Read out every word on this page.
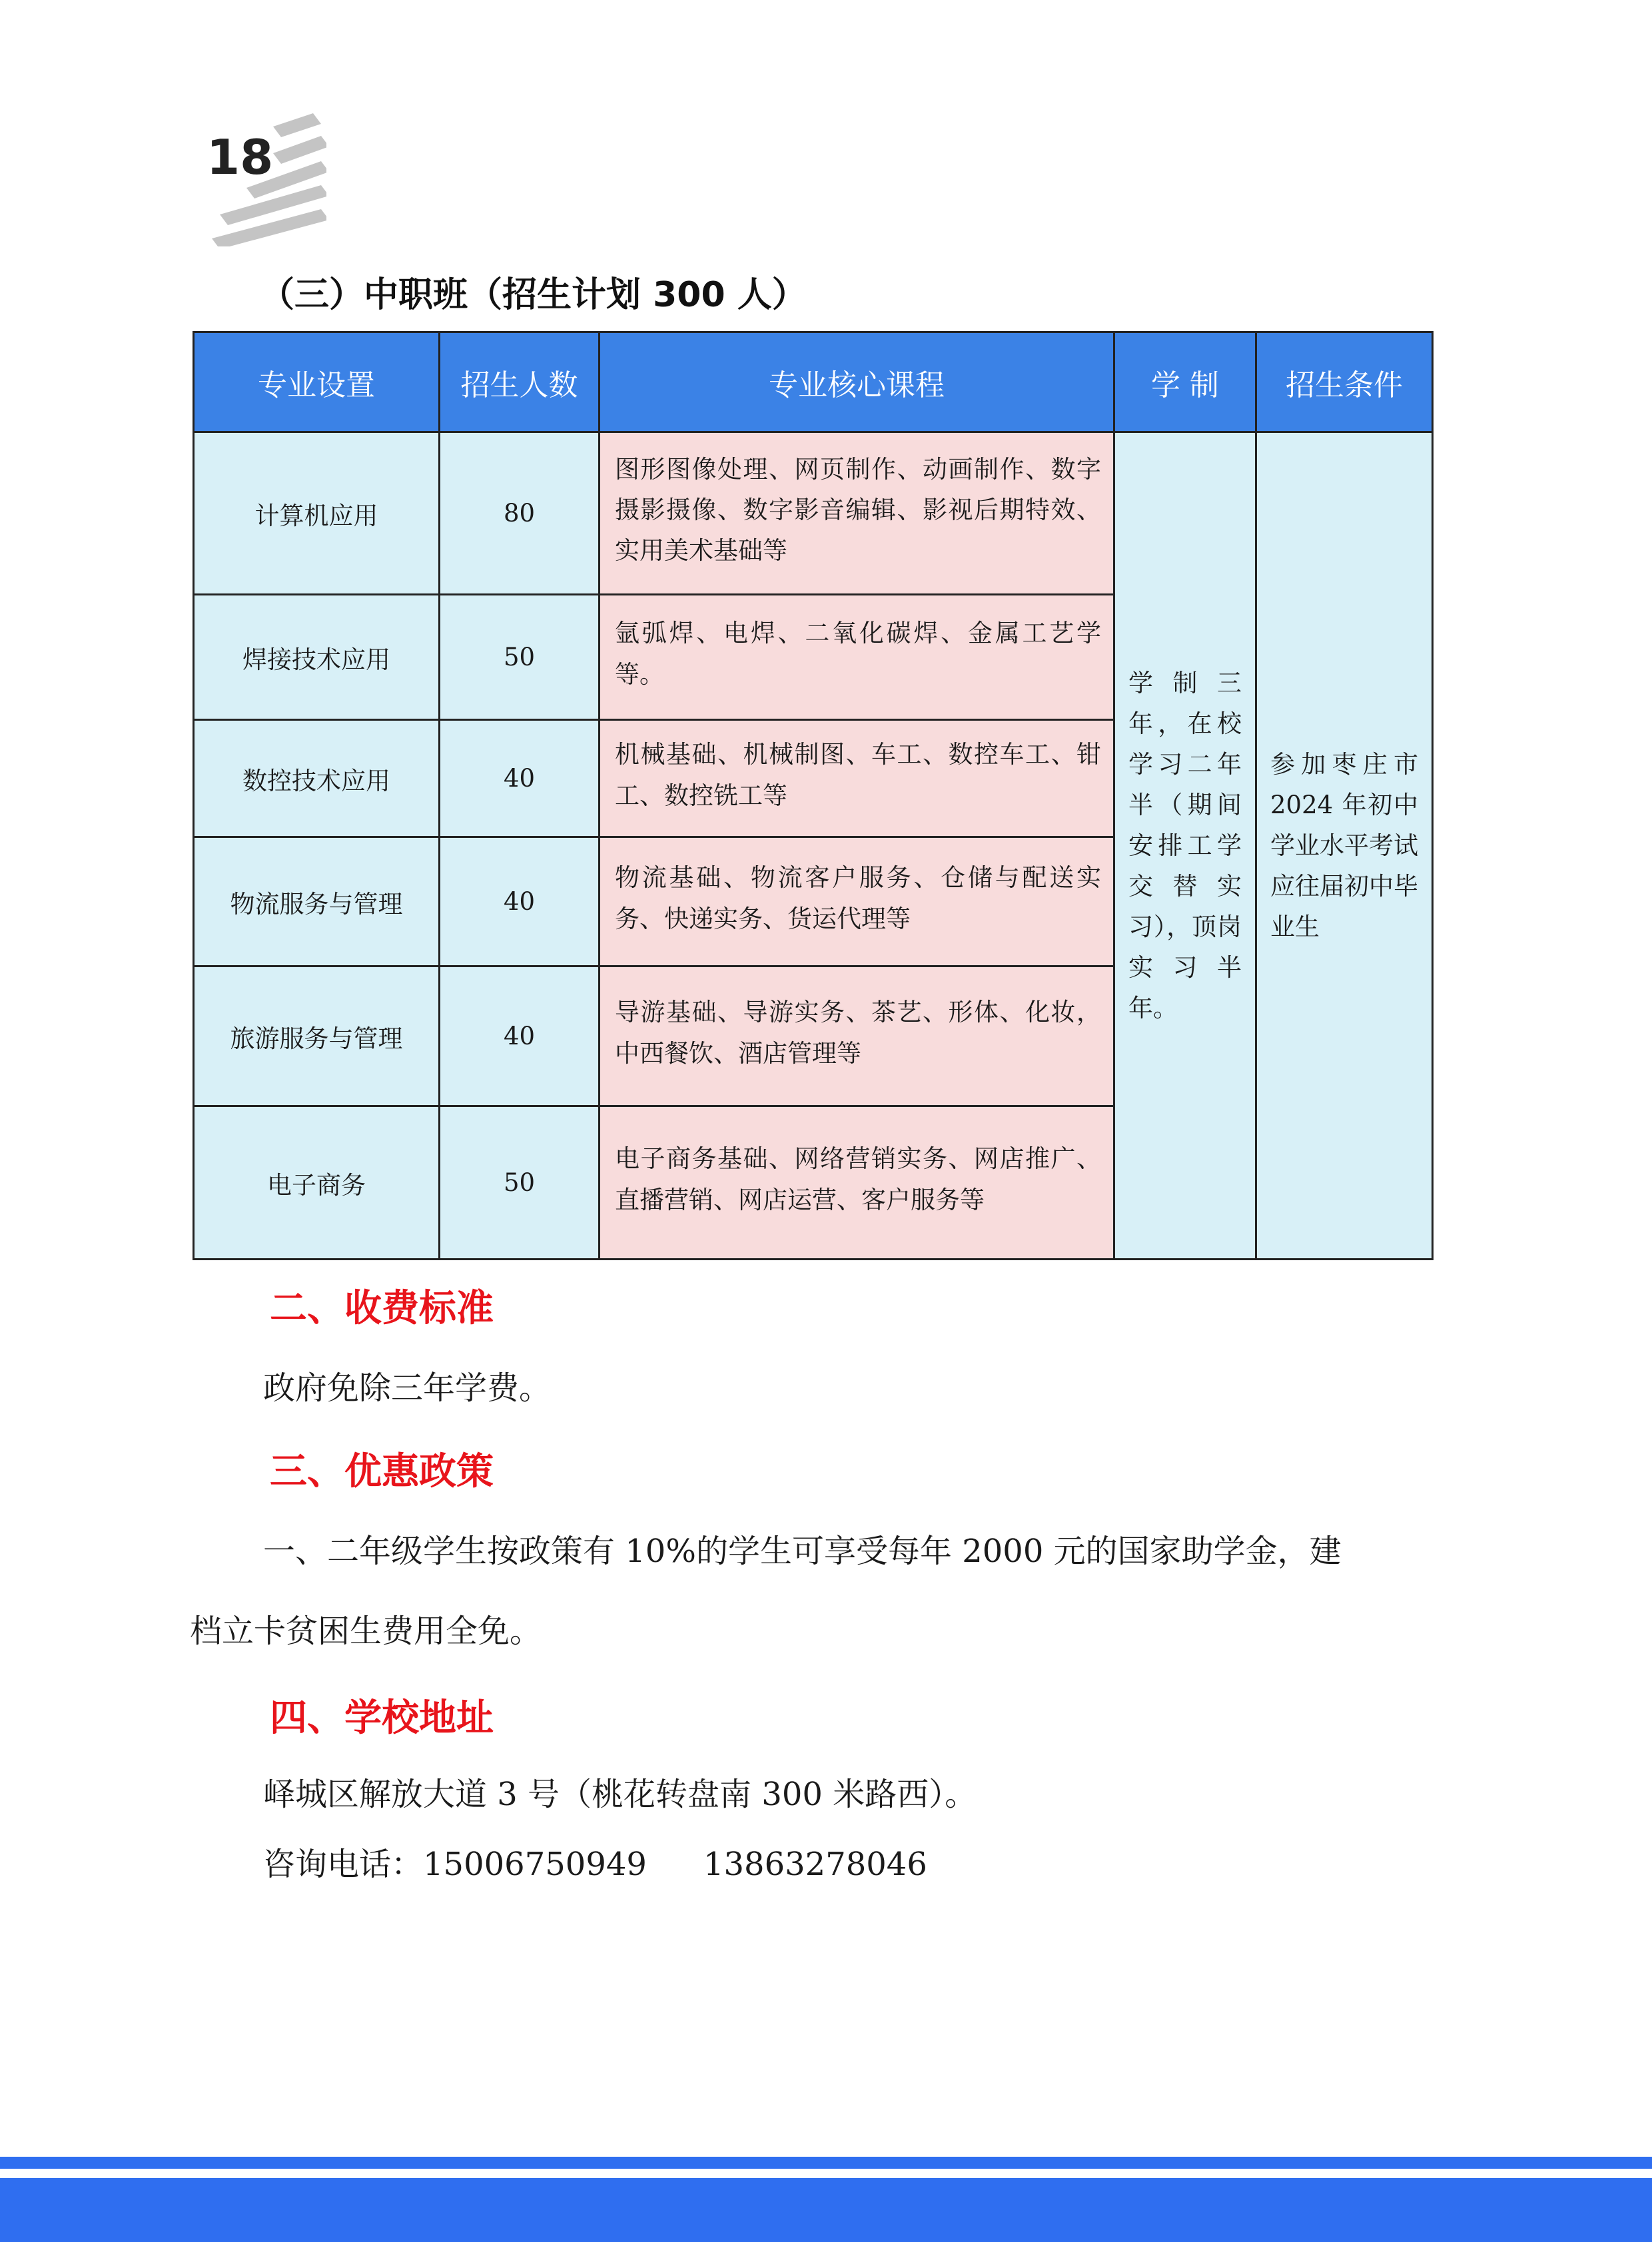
18
（三）中职班（招生计划 300 人）
专业设置	招生人数	专业核心课程	学 制	招生条件
计算机应用	80	图形图像处理、网页制作、动画制作、数字摄影摄像、数字影音编辑、影视后期特效、实用美术基础等	学制三年，在校学习二年半（期间安排工学交替实习），顶岗实习半年。	参加枣庄市 2024 年初中学业水平考试应往届初中毕业生
焊接技术应用	50	氩弧焊、电焊、二氧化碳焊、金属工艺学等。		
数控技术应用	40	机械基础、机械制图、车工、数控车工、钳工、数控铣工等		
物流服务与管理	40	物流基础、物流客户服务、仓储与配送实务、快递实务、货运代理等		
旅游服务与管理	40	导游基础、导游实务、茶艺、形体、化妆，中西餐饮、酒店管理等		
电子商务	50	电子商务基础、网络营销实务、网店推广、直播营销、网店运营、客户服务等		
二、收费标准
政府免除三年学费。
三、优惠政策
一、二年级学生按政策有 10%的学生可享受每年 2000 元的国家助学金，建
档立卡贫困生费用全免。
四、学校地址
峄城区解放大道 3 号（桃花转盘南 300 米路西）。
咨询电话：15006750949 13863278046
